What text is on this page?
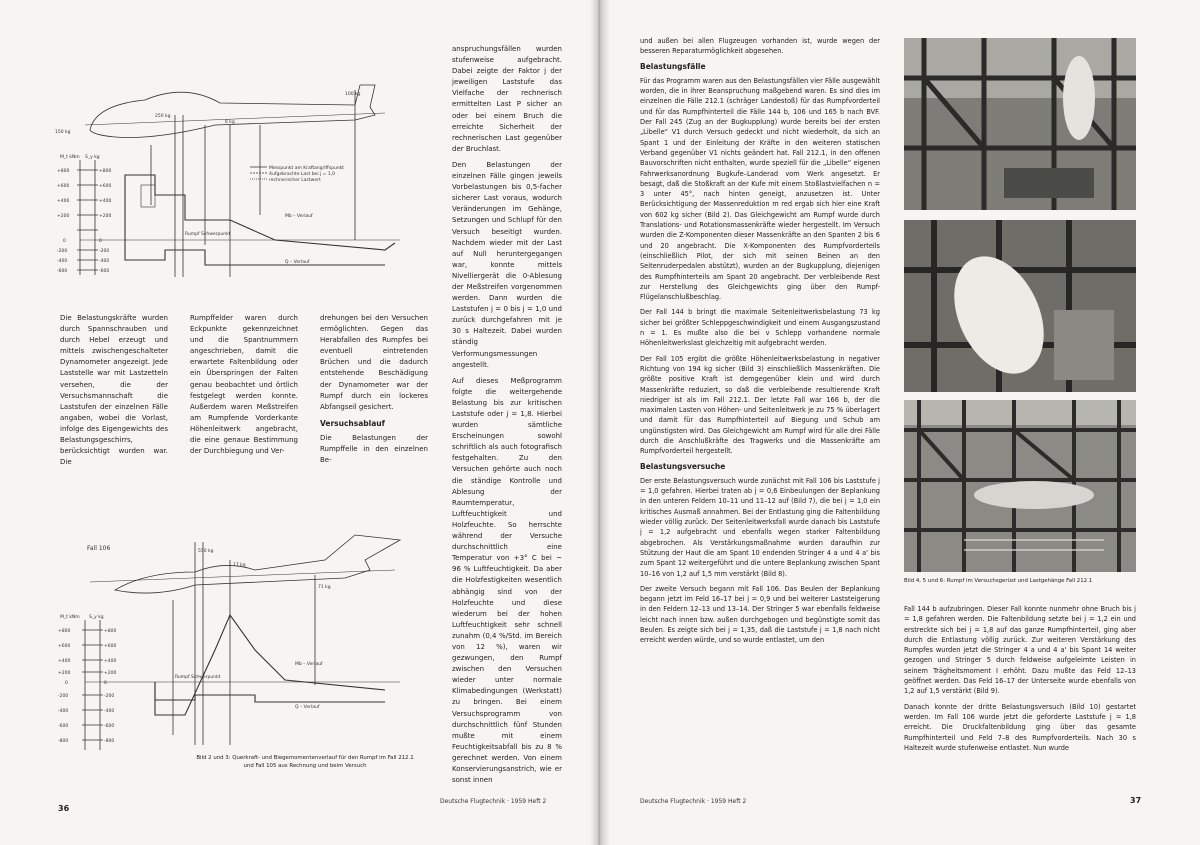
M_t kNm S_y kg
+800
+600
+400
+200
0
-200
-400
-600
+800
+600
+400
+200
0
-200
-400
-600
150 kg
250 kg
6 kg
100 kg
Messpunkt am Kraftangriffspunkt
Aufgebrachte Last bei j = 1,0
rechnerischer Lastwert
Mb – Verlauf
Q – Verlauf
Rumpf Schwerpunkt
Fall 106
M_t kNm S_y kg
+800
+600
+400
+200
0
-200
-400
-600
-800
+800
+600
+400
+200
0
-200
-400
-600
-800
550 kg
17 kg
71 kg
Mb – Verlauf
Q – Verlauf
Rumpf Schwerpunkt
Bild 2 und 3: Querkraft- und Biegemomentenverlauf für den Rumpf im Fall 212.1 und Fall 105 aus Rechnung und beim Versuch

Die Belastungskräfte wurden durch Spannschrauben und durch Hebel erzeugt und mittels zwischengeschalteter Dynamometer angezeigt. Jede Laststelle war mit Lastzetteln versehen, die der Versuchsmannschaft die Laststufen der einzelnen Fälle angaben, wobei die Vorlast, infolge des Eigengewichts des Belastungsgeschirrs, berücksichtigt wurden war. Die

Rumpffelder waren durch Eckpunkte gekennzeichnet und die Spantnummern angeschrieben, damit die erwartete Faltenbildung oder ein Überspringen der Falten genau beobachtet und örtlich festgelegt werden konnte. Außerdem waren Meßstreifen am Rumpfende Vorderkante Höhenleitwerk angebracht, die eine genaue Bestimmung der Durchbiegung und Ver-

drehungen bei den Versuchen ermöglichten. Gegen das Herabfallen des Rumpfes bei eventuell eintretenden Brüchen und die dadurch entstehende Beschädigung der Dynamometer war der Rumpf durch ein lockeres Abfangseil gesichert.

Versuchsablauf

Die Belastungen der Rumpffelle in den einzelnen Be-

anspruchungsfällen wurden stufenweise aufgebracht. Dabei zeigte der Faktor j der jeweiligen Laststufe das Vielfache der rechnerisch ermittelten Last P sicher an oder bei einem Bruch die erreichte Sicherheit der rechnerischen Last gegenüber der Bruchlast.

Den Belastungen der einzelnen Fälle gingen jeweils Vorbelastungen bis 0,5-facher sicherer Last voraus, wodurch Veränderungen im Gehänge, Setzungen und Schlupf für den Versuch beseitigt wurden. Nachdem wieder mit der Last auf Null heruntergegangen war, konnte mittels Nivelliergerät die 0-Ablesung der Meßstreifen vorgenommen werden. Dann wurden die Laststufen j = 0 bis j = 1,0 und zurück durchgefahren mit je 30 s Haltezeit. Dabei wurden ständig Verformungsmessungen angestellt.

Auf dieses Meßprogramm folgte die weitergehende Belastung bis zur kritischen Laststufe oder j = 1,8. Hierbei wurden sämtliche Erscheinungen sowohl schriftlich als auch fotografisch festgehalten. Zu den Versuchen gehörte auch noch die ständige Kontrolle und Ablesung der Raumtemperatur, Luftfeuchtigkeit und Holzfeuchte. So herrschte während der Versuche durchschnittlich eine Temperatur von +3° C bei ~ 96 % Luftfeuchtigkeit. Da aber die Holzfestigkeiten wesentlich abhängig sind von der Holzfeuchte und diese wiederum bei der hohen Luftfeuchtigkeit sehr schnell zunahm (0,4 %/Std. im Bereich von 12 %), waren wir gezwungen, den Rumpf zwischen den Versuchen wieder unter normale Klimabedingungen (Werkstatt) zu bringen. Bei einem Versuchsprogramm von durchschnittlich fünf Stunden mußte mit einem Feuchtigkeitsabfall bis zu 8 % gerechnet werden. Von einem Konservierungsanstrich, wie er sonst innen

36
Deutsche Flugtechnik · 1959 Heft 2

und außen bei allen Flugzeugen vorhanden ist, wurde wegen der besseren Reparaturmöglichkeit abgesehen.

Belastungsfälle

Für das Programm waren aus den Belastungsfällen vier Fälle ausgewählt worden, die in ihrer Beanspruchung maßgebend waren. Es sind dies im einzelnen die Fälle 212.1 (schräger Landestoß) für das Rumpfvorderteil und für das Rumpfhinterteil die Fälle 144 b, 106 und 165 b nach BVF. Der Fall 245 (Zug an der Bugkupplung) wurde bereits bei der ersten „Libelle“ V1 durch Versuch gedeckt und nicht wiederholt, da sich an Spant 1 und der Einleitung der Kräfte in den weiteren statischen Verband gegenüber V1 nichts geändert hat. Fall 212.1, in den offenen Bauvorschriften nicht enthalten, wurde speziell für die „Libelle“ eigenen Fahrwerksanordnung Bugkufe–Landerad vom Werk angesetzt. Er besagt, daß die Stoßkraft an der Kufe mit einem Stoßlastvielfachen n = 3 unter 45°, nach hinten geneigt, anzusetzen ist. Unter Berücksichtigung der Massenreduktion m red ergab sich hier eine Kraft von 602 kg sicher (Bild 2). Das Gleichgewicht am Rumpf wurde durch Translations- und Rotationsmassenkräfte wieder hergestellt. Im Versuch wurden die Z-Komponenten dieser Massenkräfte an den Spanten 2 bis 6 und 20 angebracht. Die X-Komponenten des Rumpfvorderteils (einschließlich Pilot, der sich mit seinen Beinen an den Seitenruderpedalen abstützt), wurden an der Bugkupplung, diejenigen des Rumpfhinterteils am Spant 20 angebracht. Der verbleibende Rest zur Herstellung des Gleichgewichts ging über den Rumpf-Flügelanschlußbeschlag.

Der Fall 144 b bringt die maximale Seitenleitwerksbelastung 73 kg sicher bei größter Schleppgeschwindigkeit und einem Ausgangszustand n = 1. Es mußte also die bei v Schlepp vorhandene normale Höhenleitwerkslast gleichzeitig mit aufgebracht werden.

Der Fall 105 ergibt die größte Höhenleitwerksbelastung in negativer Richtung von 194 kg sicher (Bild 3) einschließlich Massenkräften. Die größte positive Kraft ist demgegenüber klein und wird durch Massenkräfte reduziert, so daß die verbleibende resultierende Kraft niedriger ist als im Fall 212.1. Der letzte Fall war 166 b, der die maximalen Lasten von Höhen- und Seitenleitwerk je zu 75 % überlagert und damit für das Rumpfhinterteil auf Biegung und Schub am ungünstigsten wird. Das Gleichgewicht am Rumpf wird für alle drei Fälle durch die Anschlußkräfte des Tragwerks und die Massenkräfte am Rumpfvorderteil hergestellt.

Belastungsversuche

Der erste Belastungsversuch wurde zunächst mit Fall 106 bis Laststufe j = 1,0 gefahren. Hierbei traten ab j = 0,6 Einbeulungen der Beplankung in den unteren Feldern 10–11 und 11–12 auf (Bild 7), die bei j = 1,0 ein kritisches Ausmaß annahmen. Bei der Entlastung ging die Faltenbildung wieder völlig zurück. Der Seitenleitwerksfall wurde danach bis Laststufe j = 1,2 aufgebracht und ebenfalls wegen starker Faltenbildung abgebrochen. Als Verstärkungsmaßnahme wurden daraufhin zur Stützung der Haut die am Spant 10 endenden Stringer 4 a und 4 a' bis zum Spant 12 weitergeführt und die untere Beplankung zwischen Spant 10–16 von 1,2 auf 1,5 mm verstärkt (Bild 8).

Der zweite Versuch begann mit Fall 106. Das Beulen der Beplankung begann jetzt im Feld 16–17 bei j = 0,9 und bei weiterer Laststeigerung in den Feldern 12–13 und 13–14. Der Stringer 5 war ebenfalls feldweise leicht nach innen bzw. außen durchgebogen und begünstigte somit das Beulen. Es zeigte sich bei j = 1,35, daß die Laststufe j = 1,8 nach nicht erreicht werden würde, und so wurde entlastet, um den

Bild 4, 5 und 6: Rumpf im Versuchsgerüst und Lastgehänge Fall 212.1

Fall 144 b aufzubringen. Dieser Fall konnte nunmehr ohne Bruch bis j = 1,8 gefahren werden. Die Faltenbildung setzte bei j = 1,2 ein und erstreckte sich bei j = 1,8 auf das ganze Rumpfhinterteil, ging aber durch die Entlastung völlig zurück. Zur weiteren Verstärkung des Rumpfes wurden jetzt die Stringer 4 a und 4 a' bis Spant 14 weiter gezogen und Stringer 5 durch feldweise aufgeleimte Leisten in seinem Trägheitsmoment I erhöht. Dazu mußte das Feld 12–13 geöffnet werden. Das Feld 16–17 der Unterseite wurde ebenfalls von 1,2 auf 1,5 verstärkt (Bild 9).

Danach konnte der dritte Belastungsversuch (Bild 10) gestartet werden. Im Fall 106 wurde jetzt die geforderte Laststufe j = 1,8 erreicht. Die Druckfaltenbildung ging über das gesamte Rumpfhinterteil und Feld 7–8 des Rumpfvorderteils. Nach 30 s Haltezeit wurde stufenweise entlastet. Nun wurde

Deutsche Flugtechnik · 1959 Heft 2	37
